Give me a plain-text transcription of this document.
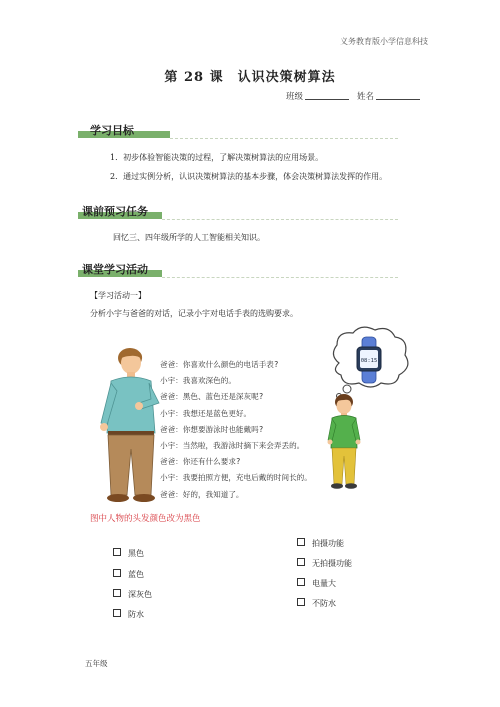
义务教育版小学信息科技
第 28 课　认识决策树算法
班级	姓名
学习目标
1．初步体验智能决策的过程，了解决策树算法的应用场景。
2．通过实例分析，认识决策树算法的基本步骤，体会决策树算法发挥的作用。
课前预习任务
回忆三、四年级所学的人工智能相关知识。
课堂学习活动
【学习活动一】
分析小宇与爸爸的对话，记录小宇对电话手表的选购要求。
爸爸：你喜欢什么颜色的电话手表?
小宇：我喜欢深色的。
爸爸：黑色、蓝色还是深灰呢?
小宇：我想还是蓝色更好。
爸爸：你想要游泳时也能戴吗?
小宇：当然啦，我游泳时摘下来会弄丢的。
爸爸：你还有什么要求?
小宇：我要拍照方便，充电后戴的时间长的。
爸爸：好的，我知道了。
08:15
图中人物的头发颜色改为黑色
黑色
蓝色
深灰色
防水
拍摄功能
无拍摄功能
电量大
不防水
五年级
